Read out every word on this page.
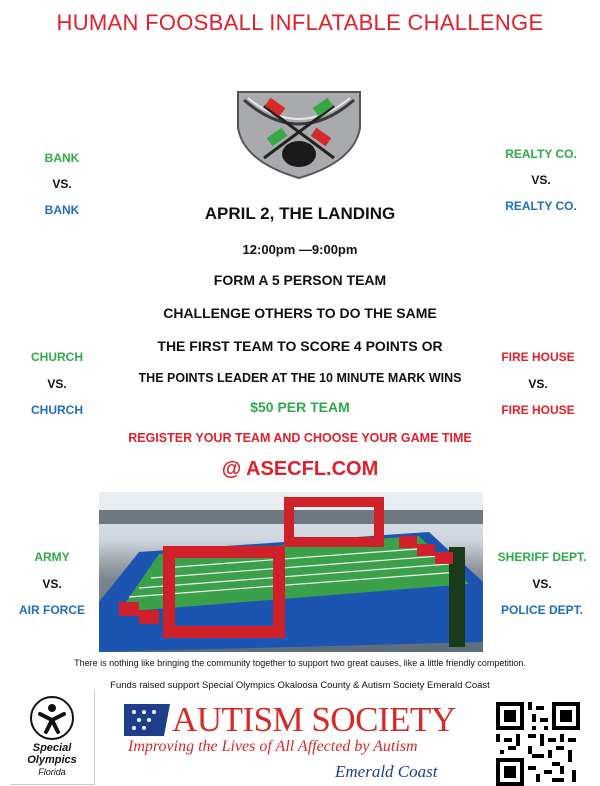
HUMAN FOOSBALL INFLATABLE CHALLENGE
BANK
VS.
BANK
CHURCH
VS.
CHURCH
ARMY
VS.
AIR FORCE
REALTY CO.
VS.
REALTY CO.
FIRE HOUSE
VS.
FIRE HOUSE
SHERIFF DEPT.
VS.
POLICE DEPT.
APRIL 2, THE LANDING
12:00pm —9:00pm
FORM A 5 PERSON TEAM
CHALLENGE OTHERS TO DO THE SAME
THE FIRST TEAM TO SCORE 4 POINTS OR
THE POINTS LEADER AT THE 10 MINUTE MARK WINS
$50 PER TEAM
REGISTER YOUR TEAM AND CHOOSE YOUR GAME TIME
@ ASECFL.COM
There is nothing like bringing the community together to support two great causes, like a little friendly competition.
Funds raised support Special Olympics Okaloosa County & Autism Society Emerald Coast
Special
Olympics
Florida
AUTISM SOCIETY
Improving the Lives of All Affected by Autism
Emerald Coast
